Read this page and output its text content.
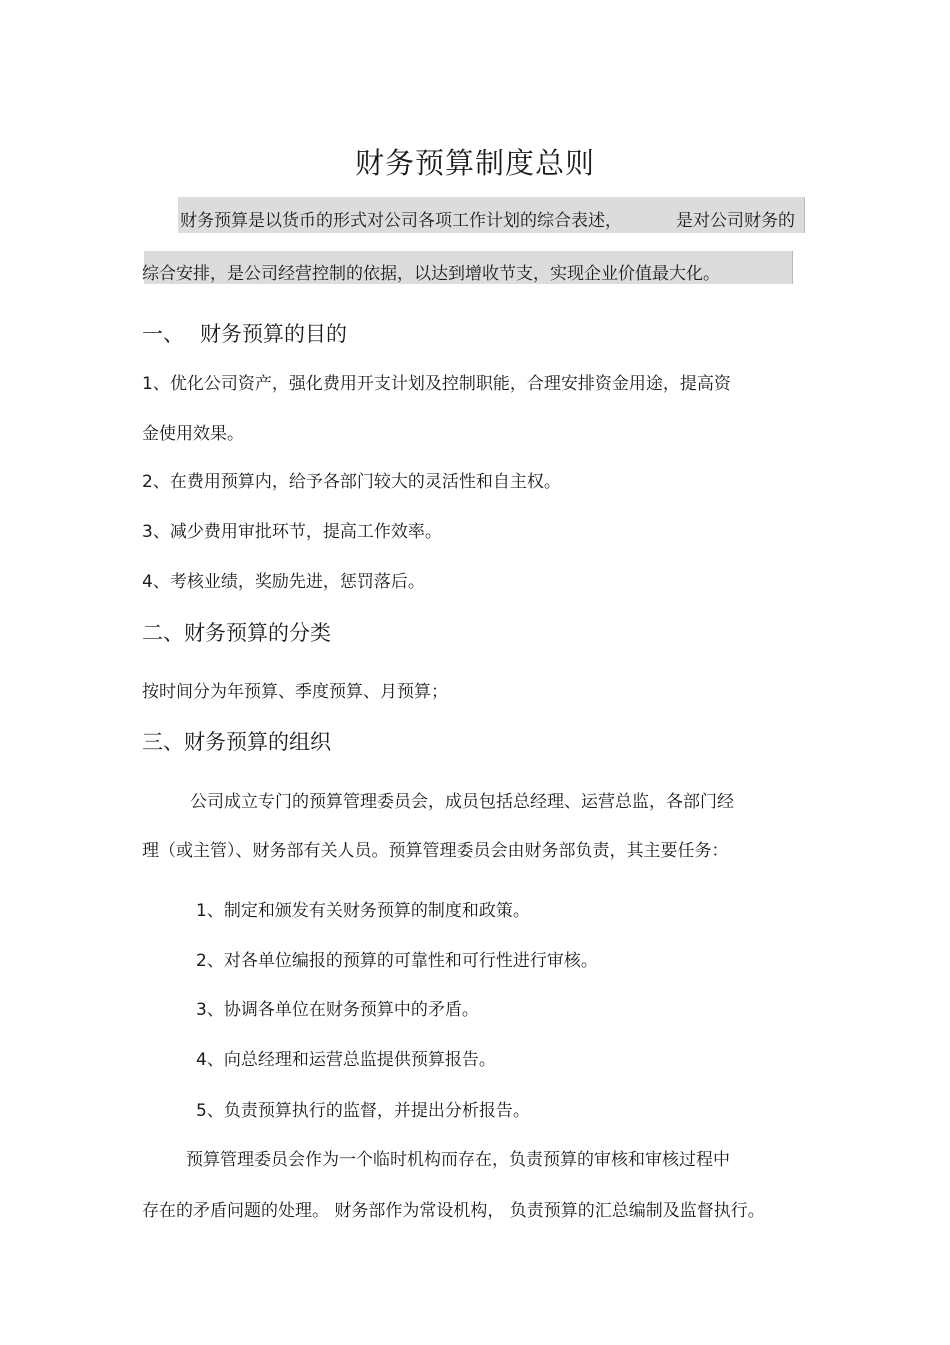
财务预算制度总则
财务预算是以货币的形式对公司各项工作计划的综合表述，	是对公司财务的
综合安排，是公司经营控制的依据，以达到增收节支，实现企业价值最大化。
一、 财务预算的目的
1、优化公司资产，强化费用开支计划及控制职能，合理安排资金用途，提高资
金使用效果。
2、在费用预算内，给予各部门较大的灵活性和自主权。
3、减少费用审批环节，提高工作效率。
4、考核业绩，奖励先进，惩罚落后。
二、财务预算的分类
按时间分为年预算、季度预算、月预算；
三、财务预算的组织
公司成立专门的预算管理委员会，成员包括总经理、运营总监，各部门经
理（或主管）、财务部有关人员。预算管理委员会由财务部负责，其主要任务：
1、制定和颁发有关财务预算的制度和政策。
2、对各单位编报的预算的可靠性和可行性进行审核。
3、协调各单位在财务预算中的矛盾。
4、向总经理和运营总监提供预算报告。
5、负责预算执行的监督，并提出分析报告。
预算管理委员会作为一个临时机构而存在，负责预算的审核和审核过程中
存在的矛盾问题的处理。 财务部作为常设机构， 负责预算的汇总编制及监督执行。
